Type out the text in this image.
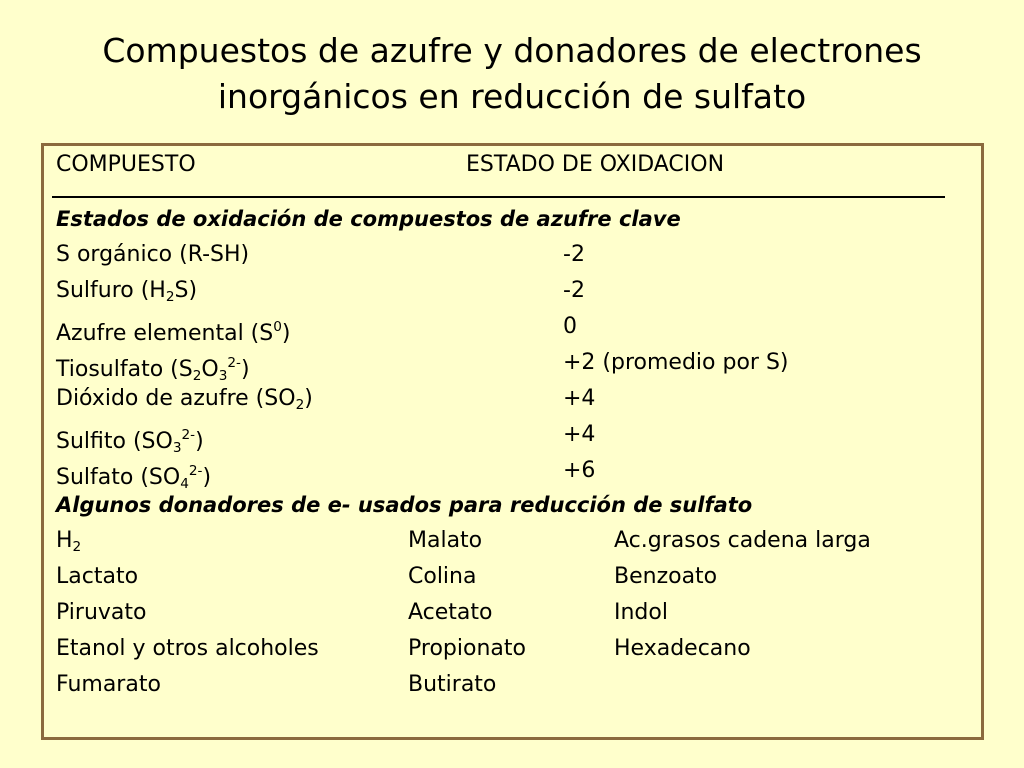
Compuestos de azufre y donadores de electrones
inorgánicos en reducción de sulfato
COMPUESTO	ESTADO DE OXIDACION
Estados de oxidación de compuestos de azufre clave
S orgánico (R-SH)	-2
Sulfuro $(H_2S)$	-2
Azufre elemental $(S^0)$	0
Tiosulfato $(S_2O_3^{2-})$	+2 (promedio por S)
Dióxido de azufre $(SO_2)$	+4
Sulfito $(SO_3^{2-})$	+4
Sulfato $(SO_4^{2-})$	+6
Algunos donadores de e- usados para reducción de sulfato
$H_2$	Malato	Ac.grasos cadena larga
Lactato	Colina	Benzoato
Piruvato	Acetato	Indol
Etanol y otros alcoholes	Propionato	Hexadecano
Fumarato	Butirato
